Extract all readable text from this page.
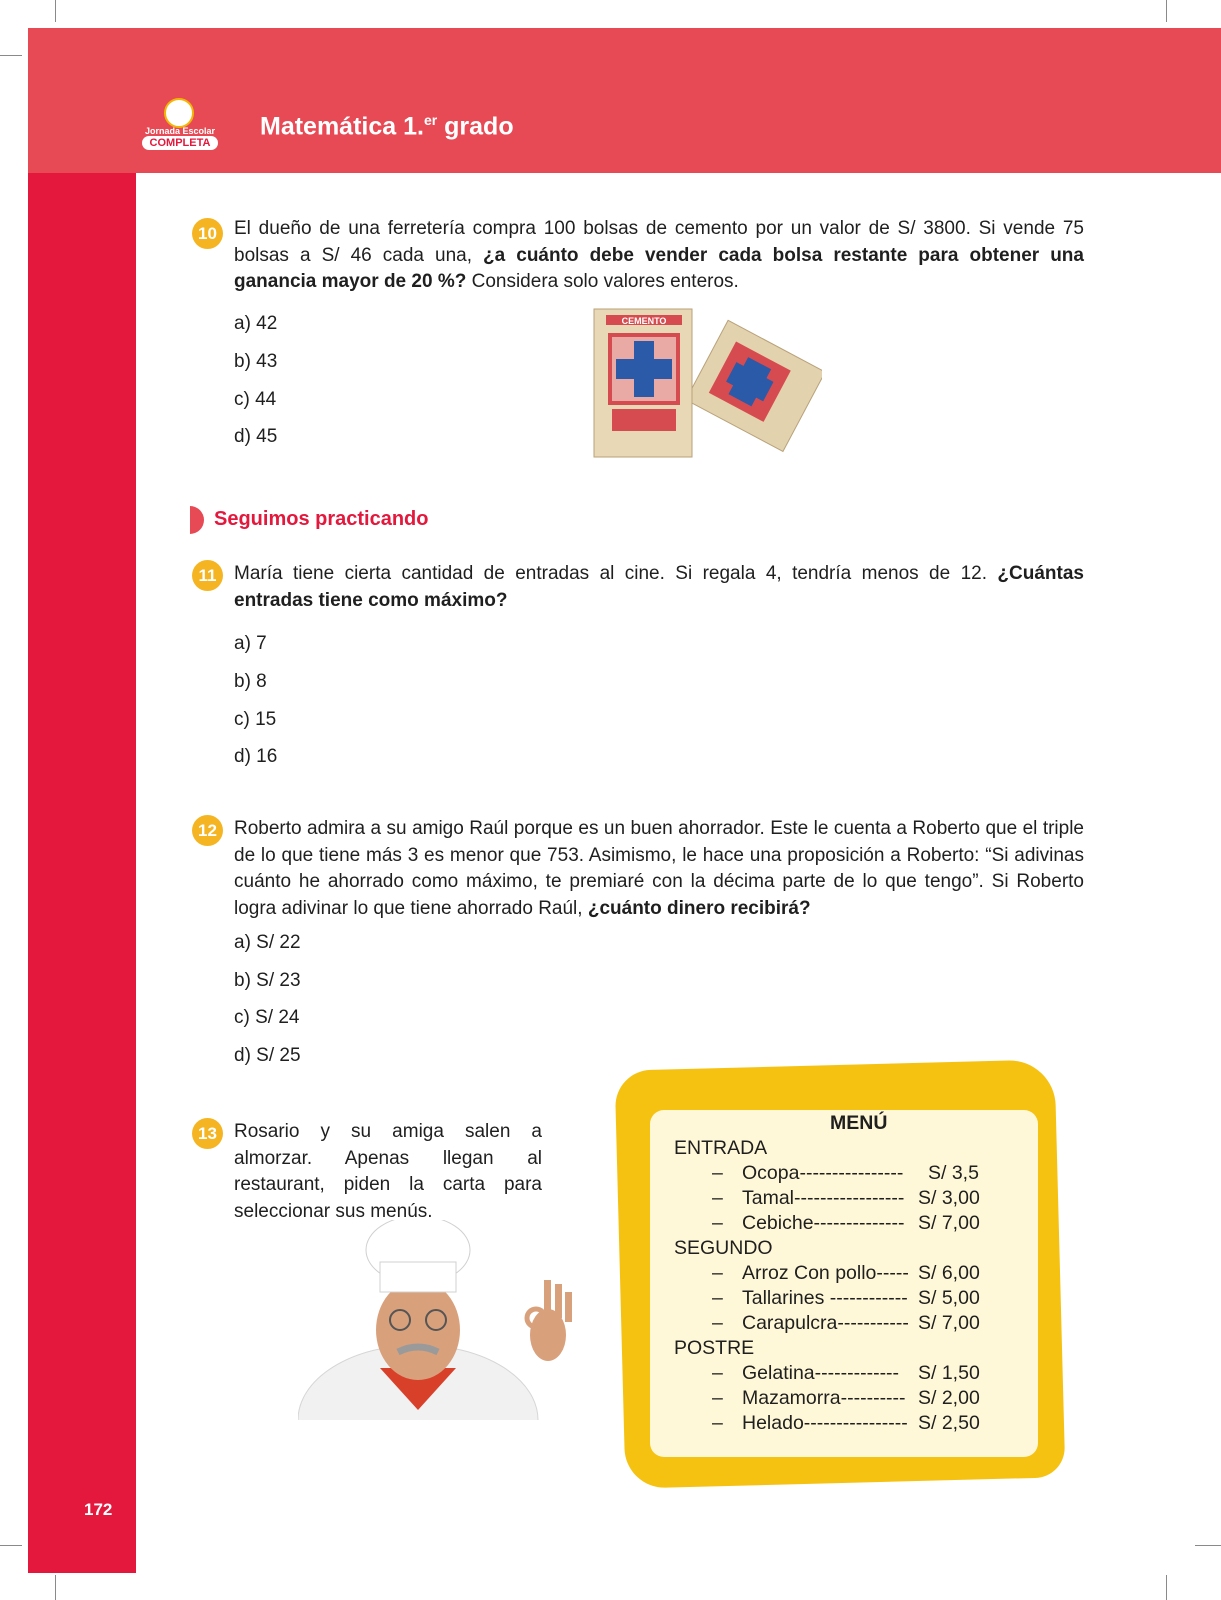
Jornada Escolar
COMPLETA
Matemática 1.$^{er}$ grado
10 El dueño de una ferretería compra 100 bolsas de cemento por un valor de S/ 3800. Si vende 75 bolsas a S/ 46 cada una, ¿a cuánto debe vender cada bolsa restante para obtener una ganancia mayor de 20 %? Considera solo valores enteros.
a) 42
b) 43
c) 44
d) 45
CEMENTO
Seguimos practicando
11 María tiene cierta cantidad de entradas al cine. Si regala 4, tendría menos de 12. ¿Cuántas entradas tiene como máximo?
a) 7
b) 8
c) 15
d) 16
12 Roberto admira a su amigo Raúl porque es un buen ahorrador. Este le cuenta a Roberto que el triple de lo que tiene más 3 es menor que 753. Asimismo, le hace una proposición a Roberto: “Si adivinas cuánto he ahorrado como máximo, te premiaré con la décima parte de lo que tengo”. Si Roberto logra adivinar lo que tiene ahorrado Raúl, ¿cuánto dinero recibirá?
a) S/ 22
b) S/ 23
c) S/ 24
d) S/ 25
13 Rosario y su amiga salen a almorzar. Apenas llegan al restaurant, piden la carta para seleccionar sus menús.
MENÚ
ENTRADA
– Ocopa---------------- S/ 3,5
– Tamal----------------- S/ 3,00
– Cebiche-------------- S/ 7,00
SEGUNDO
– Arroz Con pollo----- S/ 6,00
– Tallarines ------------ S/ 5,00
– Carapulcra----------- S/ 7,00
POSTRE
– Gelatina------------- S/ 1,50
– Mazamorra---------- S/ 2,00
– Helado---------------- S/ 2,50
172
